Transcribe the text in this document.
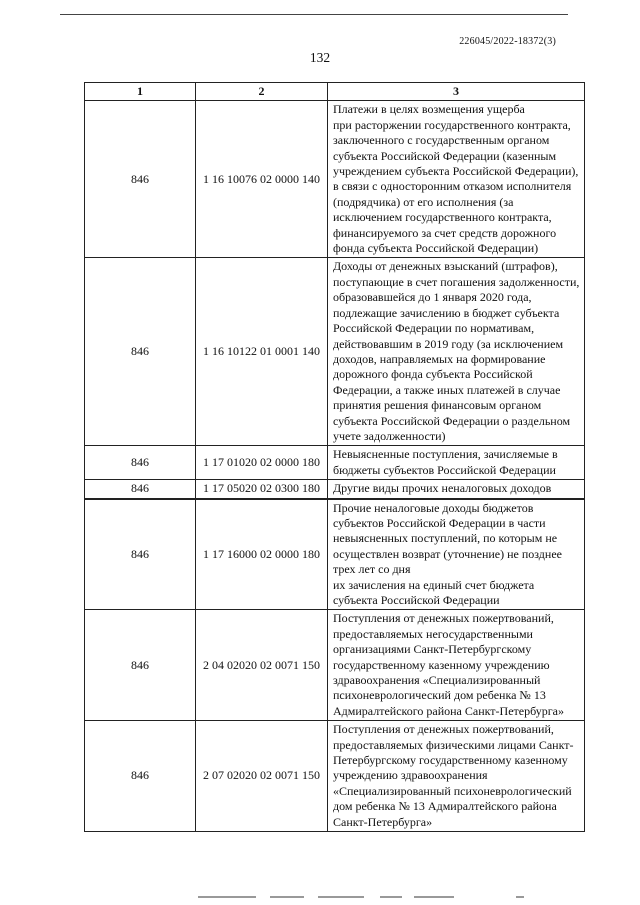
226045/2022-18372(3)
132
1	2	3
846	1 16 10076 02 0000 140	Платежи в целях возмещения ущерба
при расторжении государственного контракта, заключенного с государственным органом субъекта Российской Федерации (казенным учреждением субъекта Российской Федерации), в связи с односторонним отказом исполнителя (подрядчика) от его исполнения (за исключением государственного контракта, финансируемого за счет средств дорожного фонда субъекта Российской Федерации)
846	1 16 10122 01 0001 140	Доходы от денежных взысканий (штрафов), поступающие в счет погашения задолженности, образовавшейся до 1 января 2020 года, подлежащие зачислению в бюджет субъекта Российской Федерации по нормативам, действовавшим в 2019 году (за исключением доходов, направляемых на формирование дорожного фонда субъекта Российской Федерации, а также иных платежей в случае принятия решения финансовым органом субъекта Российской Федерации о раздельном учете задолженности)
846	1 17 01020 02 0000 180	Невыясненные поступления, зачисляемые в бюджеты субъектов Российской Федерации
846	1 17 05020 02 0300 180	Другие виды прочих неналоговых доходов
846	1 17 16000 02 0000 180	Прочие неналоговые доходы бюджетов субъектов Российской Федерации в части невыясненных поступлений, по которым не осуществлен возврат (уточнение) не позднее трех лет со дня
их зачисления на единый счет бюджета субъекта Российской Федерации
846	2 04 02020 02 0071 150	Поступления от денежных пожертвований, предоставляемых негосударственными организациями Санкт-Петербургскому государственному казенному учреждению здравоохранения «Специализированный психоневрологический дом ребенка № 13 Адмиралтейского района Санкт-Петербурга»
846	2 07 02020 02 0071 150	Поступления от денежных пожертвований, предоставляемых физическими лицами Санкт-Петербургскому государственному казенному учреждению здравоохранения «Специализированный психоневрологический дом ребенка № 13 Адмиралтейского района Санкт-Петербурга»
